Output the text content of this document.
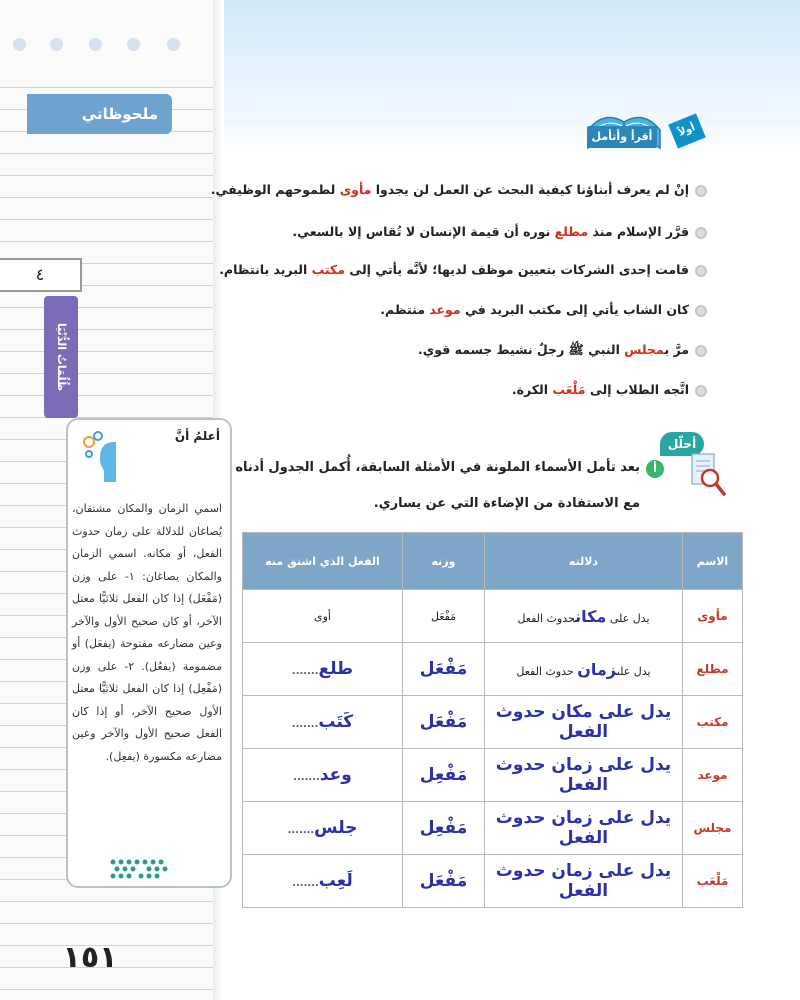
ملحوظاتي
٤
ظُلُمَاتُ الدُّنْيَا
أقرأ وأتأمل	أولاً
إنْ لم يعرف أبناؤنا كيفية البحث عن العمل لن يجدوا مأوى لطموحهم الوظيفي.
قرَّر الإسلام منذ مطلع نوره أن قيمة الإنسان لا تُقاس إلا بالسعي.
قامت إحدى الشركات بتعيين موظف لديها؛ لأنَّه يأتي إلى مكتب البريد بانتظام.
كان الشاب يأتي إلى مكتب البريد في موعد منتظم.
مرَّ بمجلس النبي ﷺ رجلٌ نشيط جسمه قوي.
اتَّجه الطلاب إلى مَلْعَب الكرة.
أحلّل
أ
بعد تأمل الأسماء الملونة في الأمثلة السابقة، أُكمل الجدول أدناه
مع الاستفادة من الإضاءة التي عن يساري.
الاسم	دلالته	وزنه	الفعل الذي اشتق منه
مأوى	يدل على مكانحدوث الفعل	مَفْعَل	أوى
مطلع	يدل علىزمان حدوث الفعل	مَفْعَل	طلع.......
مكتب	يدل على مكان حدوث الفعل	مَفْعَل	كَتَب.......
موعد	يدل على زمان حدوث الفعل	مَفْعِل	وعد.......
مجلس	يدل على زمان حدوث الفعل	مَفْعِل	جلس.......
مَلْعَب	يدل على زمان حدوث الفعل	مَفْعَل	لَعِب.......
أعلمُ أنَّ
اسمي الزمان والمكان مشتقان، يُصاغان للدلالة على زمان حدوث الفعل، أو مكانه. اسمي الزمان والمكان يصاغان: ١- على وزن (مَفْعَل) إذا كان الفعل ثلاثيًّا معتل الآخر، أو كان صحيح الأول والآخر وعين مضارعه مفتوحة (يفعَل) أو مضمومة (يفعُل). ٢- على وزن (مَفْعِل) إذا كان الفعل ثلاثيًّا معتل الأول صحيح الآخر، أو إذا كان الفعل صحيح الأول والآخر وعين مضارعه مكسورة (يفعِل).
١٥١
